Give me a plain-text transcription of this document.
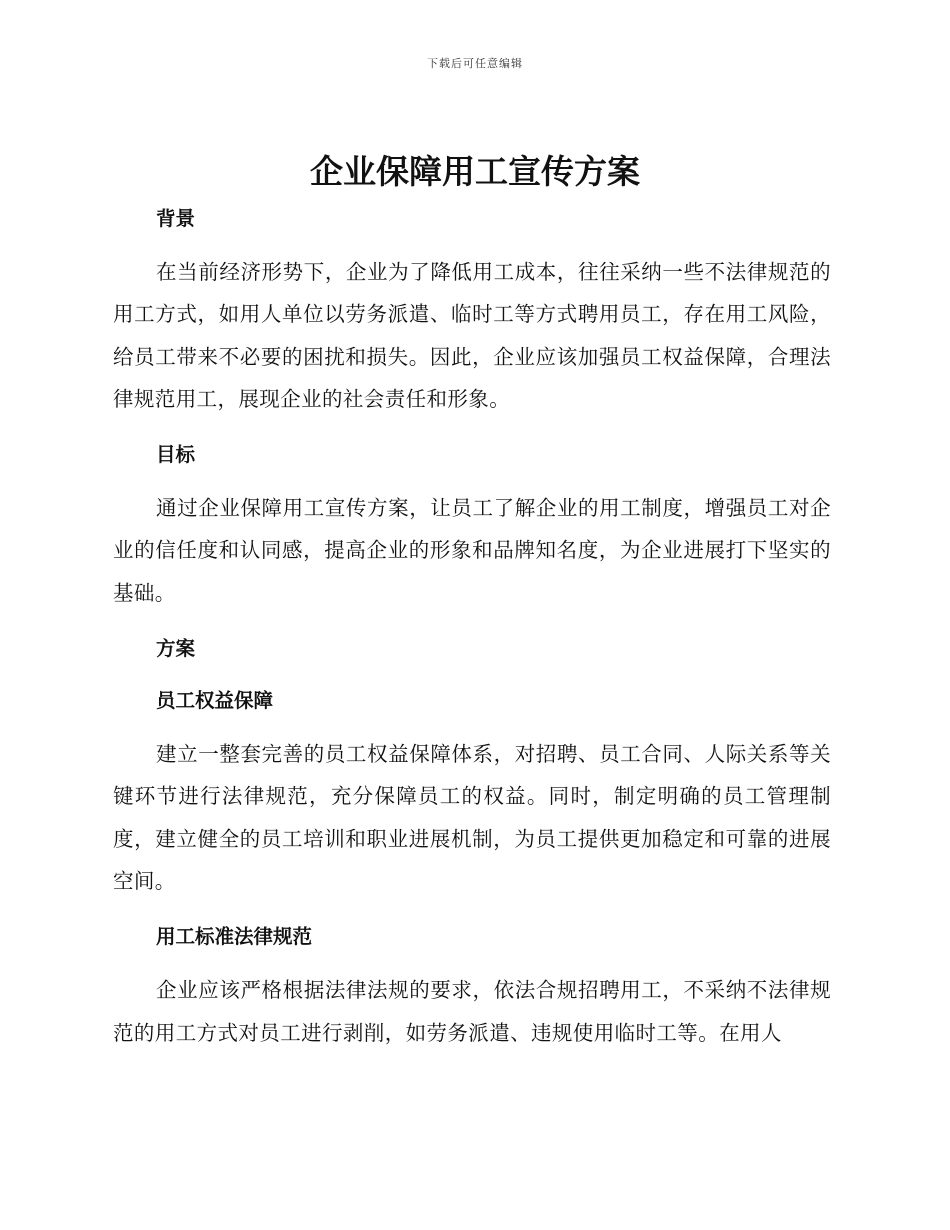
下载后可任意编辑
企业保障用工宣传方案
背景

在当前经济形势下，企业为了降低用工成本，往往采纳一些不法律规范的用工方式，如用人单位以劳务派遣、临时工等方式聘用员工，存在用工风险，给员工带来不必要的困扰和损失。因此，企业应该加强员工权益保障，合理法律规范用工，展现企业的社会责任和形象。

目标

通过企业保障用工宣传方案，让员工了解企业的用工制度，增强员工对企业的信任度和认同感，提高企业的形象和品牌知名度，为企业进展打下坚实的基础。

方案
员工权益保障

建立一整套完善的员工权益保障体系，对招聘、员工合同、人际关系等关键环节进行法律规范，充分保障员工的权益。同时，制定明确的员工管理制度，建立健全的员工培训和职业进展机制，为员工提供更加稳定和可靠的进展空间。

用工标准法律规范

企业应该严格根据法律法规的要求，依法合规招聘用工，不采纳不法律规范的用工方式对员工进行剥削，如劳务派遣、违规使用临时工等。在用人
